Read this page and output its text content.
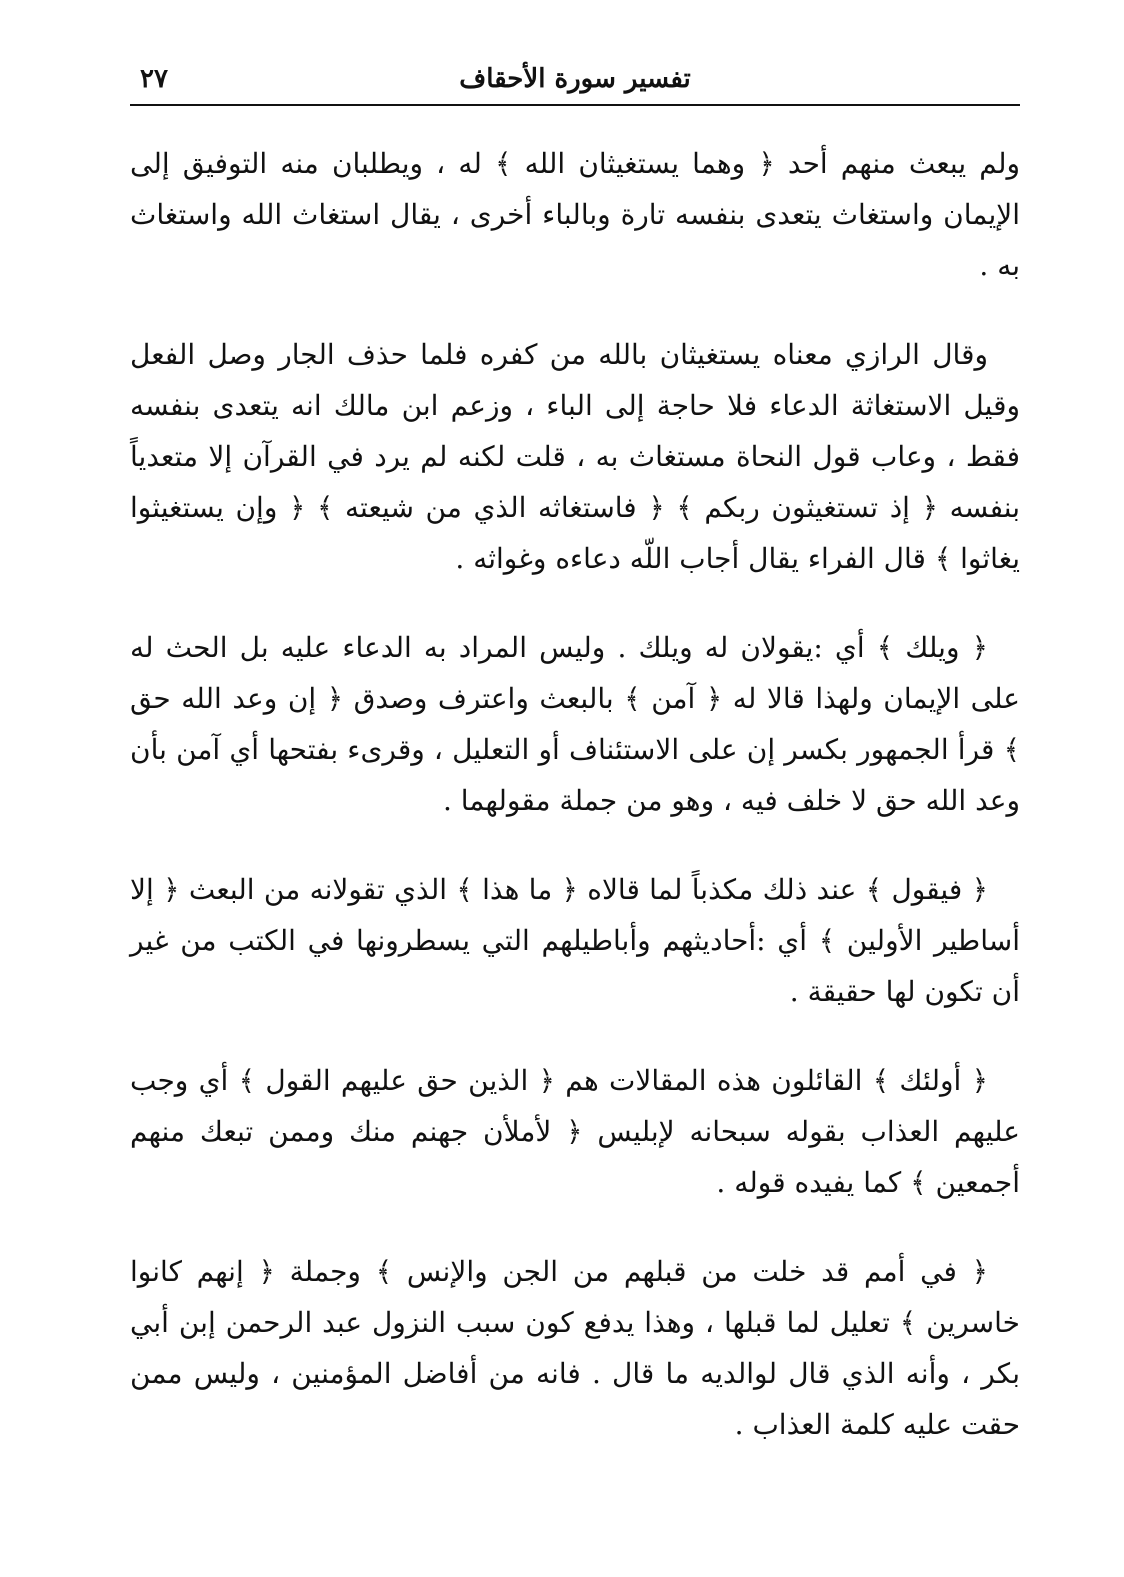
٢٧	تفسير سورة الأحقاف

ولم يبعث منهم أحد ﴿ وهما يستغيثان الله ﴾ له ، ويطلبان منه التوفيق إلى الإيمان واستغاث يتعدى بنفسه تارة وبالباء أخرى ، يقال استغاث الله واستغاث به .

وقال الرازي معناه يستغيثان بالله من كفره فلما حذف الجار وصل الفعل وقيل الاستغاثة الدعاء فلا حاجة إلى الباء ، وزعم ابن مالك انه يتعدى بنفسه فقط ، وعاب قول النحاة مستغاث به ، قلت لكنه لم يرد في القرآن إلا متعدياً بنفسه ﴿ إذ تستغيثون ربكم ﴾ ﴿ فاستغاثه الذي من شيعته ﴾ ﴿ وإن يستغيثوا يغاثوا ﴾ قال الفراء يقال أجاب اللّه دعاءه وغواثه .

﴿ ويلك ﴾ أي :يقولان له ويلك . وليس المراد به الدعاء عليه بل الحث له على الإيمان ولهذا قالا له ﴿ آمن ﴾ بالبعث واعترف وصدق ﴿ إن وعد الله حق ﴾ قرأ الجمهور بكسر إن على الاستئناف أو التعليل ، وقرىء بفتحها أي آمن بأن وعد الله حق لا خلف فيه ، وهو من جملة مقولهما .

﴿ فيقول ﴾ عند ذلك مكذباً لما قالاه ﴿ ما هذا ﴾ الذي تقولانه من البعث ﴿ إلا أساطير الأولين ﴾ أي :أحاديثهم وأباطيلهم التي يسطرونها في الكتب من غير أن تكون لها حقيقة .

﴿ أولئك ﴾ القائلون هذه المقالات هم ﴿ الذين حق عليهم القول ﴾ أي وجب عليهم العذاب بقوله سبحانه لإبليس ﴿ لأملأن جهنم منك وممن تبعك منهم أجمعين ﴾ كما يفيده قوله .

﴿ في أمم قد خلت من قبلهم من الجن والإنس ﴾ وجملة ﴿ إنهم كانوا خاسرين ﴾ تعليل لما قبلها ، وهذا يدفع كون سبب النزول عبد الرحمن إبن أبي بكر ، وأنه الذي قال لوالديه ما قال . فانه من أفاضل المؤمنين ، وليس ممن حقت عليه كلمة العذاب .
